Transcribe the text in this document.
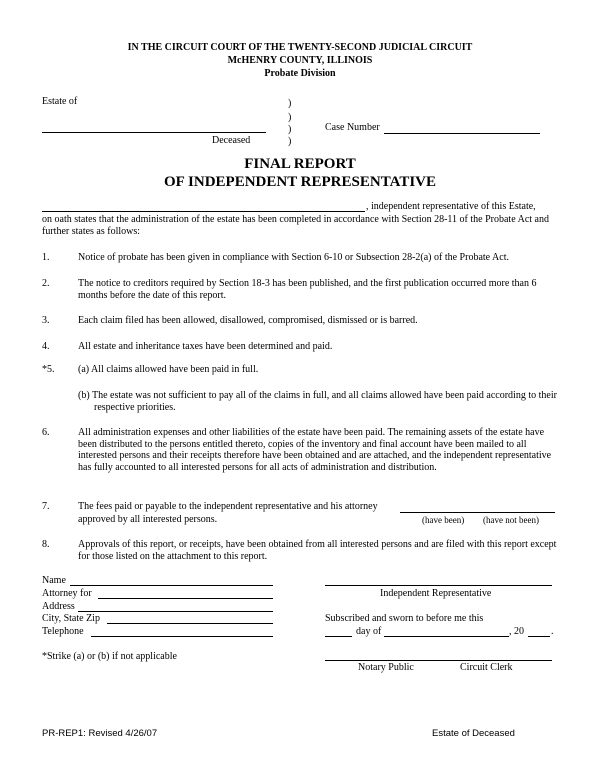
IN THE CIRCUIT COURT OF THE TWENTY-SECOND JUDICIAL CIRCUIT
McHENRY COUNTY, ILLINOIS
Probate Division
Estate of	)
)
)
)
Deceased
Case Number
FINAL REPORT
OF INDEPENDENT REPRESENTATIVE
, independent representative of this Estate,
on oath states that the administration of the estate has been completed in accordance with Section 28-11 of the Probate Act and further states as follows:
1.	Notice of probate has been given in compliance with Section 6-10 or Subsection 28-2(a) of the Probate Act.
2.	The notice to creditors required by Section 18-3 has been published, and the first publication occurred more than 6 months before the date of this report.
3.	Each claim filed has been allowed, disallowed, compromised, dismissed or is barred.
4.	All estate and inheritance taxes have been determined and paid.
*5. (a) All claims allowed have been paid in full.
(b) The estate was not sufficient to pay all of the claims in full, and all claims allowed have been paid according to their respective priorities.
6.	All administration expenses and other liabilities of the estate have been paid. The remaining assets of the estate have been distributed to the persons entitled thereto, copies of the inventory and final account have been mailed to all interested persons and their receipts therefore have been obtained and are attached, and the independent representative has fully accounted to all interested persons for all acts of administration and distribution.
7.	The fees paid or payable to the independent representative and his attorney
approved by all interested persons.	(have been) (have not been)
8.	Approvals of this report, or receipts, have been obtained from all interested persons and are filed with this report except for those listed on the attachment to this report.
Name
Attorney for
Address
City, State Zip
Telephone
Independent Representative
Subscribed and sworn to before me this
day of	, 20	.
Notary Public	Circuit Clerk
*Strike (a) or (b) if not applicable
PR-REP1: Revised 4/26/07	Estate of Deceased
